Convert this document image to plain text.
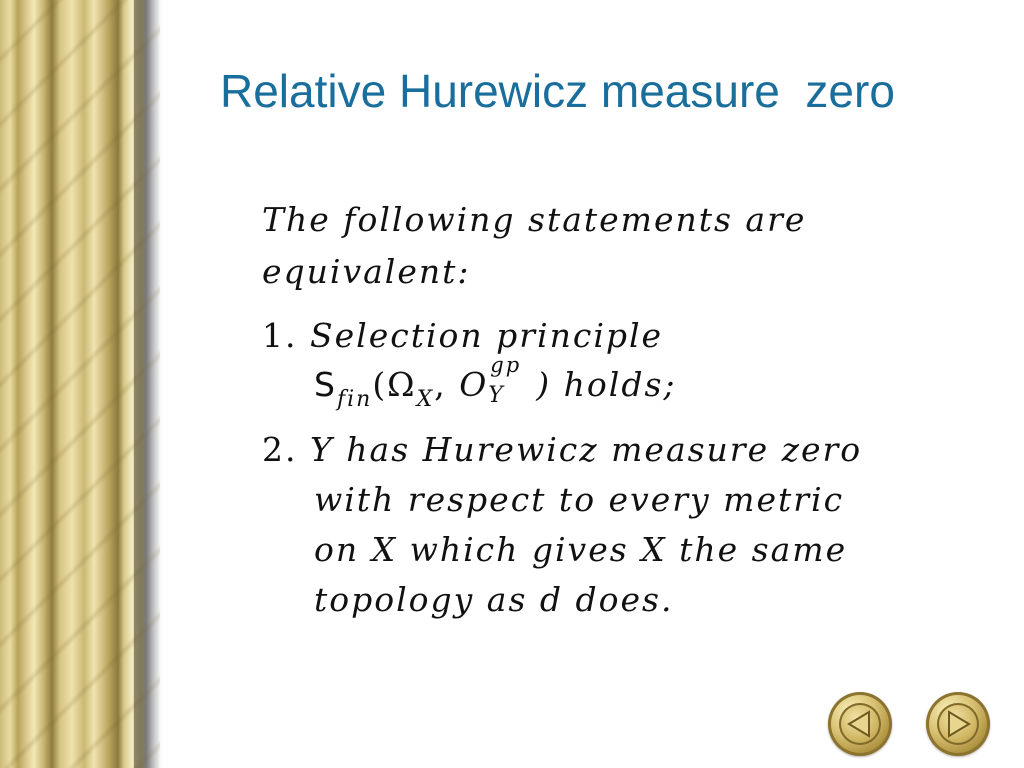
Relative Hurewicz measure  zero
The following statements are
equivalent:
1. Selection principle
$S_{fin}(\Omega_X$, O gp
Y ) holds;
2. Y has Hurewicz measure zero
with respect to every metric
on X which gives X the same
topology as d does.
